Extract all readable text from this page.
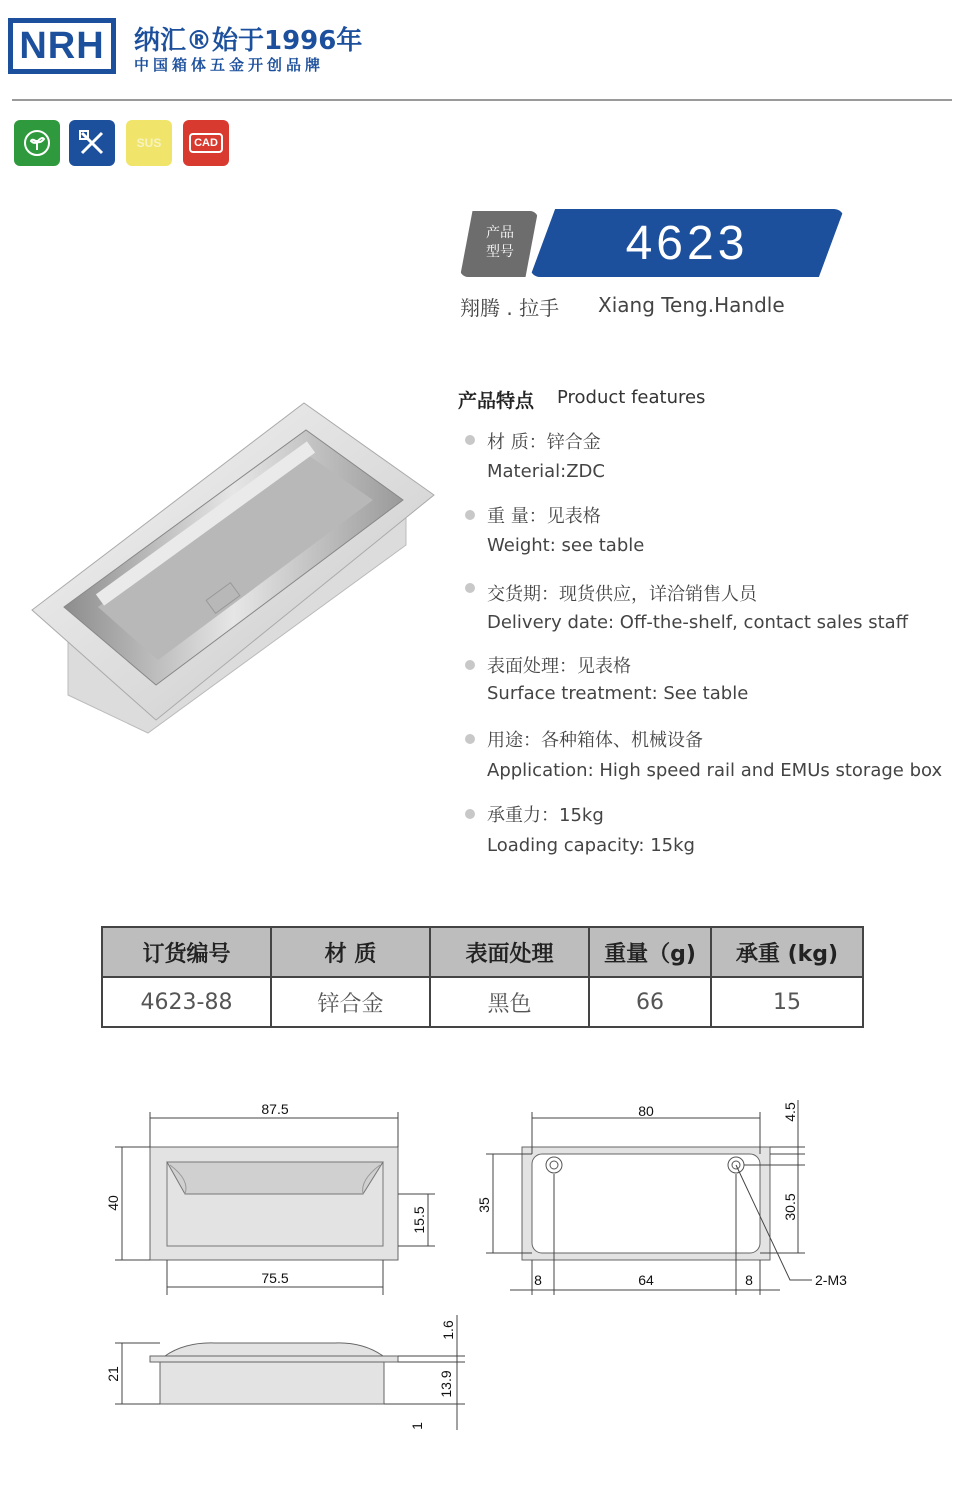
NRH 纳汇®始于1996年
中国箱体五金开创品牌
SUS	CAD
产品
型号	4623
翔腾 . 拉手 Xiang Teng.Handle
产品特点 Product features
材 质：锌合金
Material:ZDC
重 量：见表格
Weight: see table
交货期：现货供应，详洽销售人员
Delivery date: Off-the-shelf, contact sales staff
表面处理：见表格
Surface treatment: See table
用途：各种箱体、机械设备
Application: High speed rail and EMUs storage box
承重力：15kg
Loading capacity: 15kg
订货编号	材 质	表面处理	重量（g)	承重 (kg)
4623-88	锌合金	黑色	66	15
87.5
75.5
40
15.5
80
8	64	8
35
4.5
30.5
2-M3
21
1.6
13.9
1
